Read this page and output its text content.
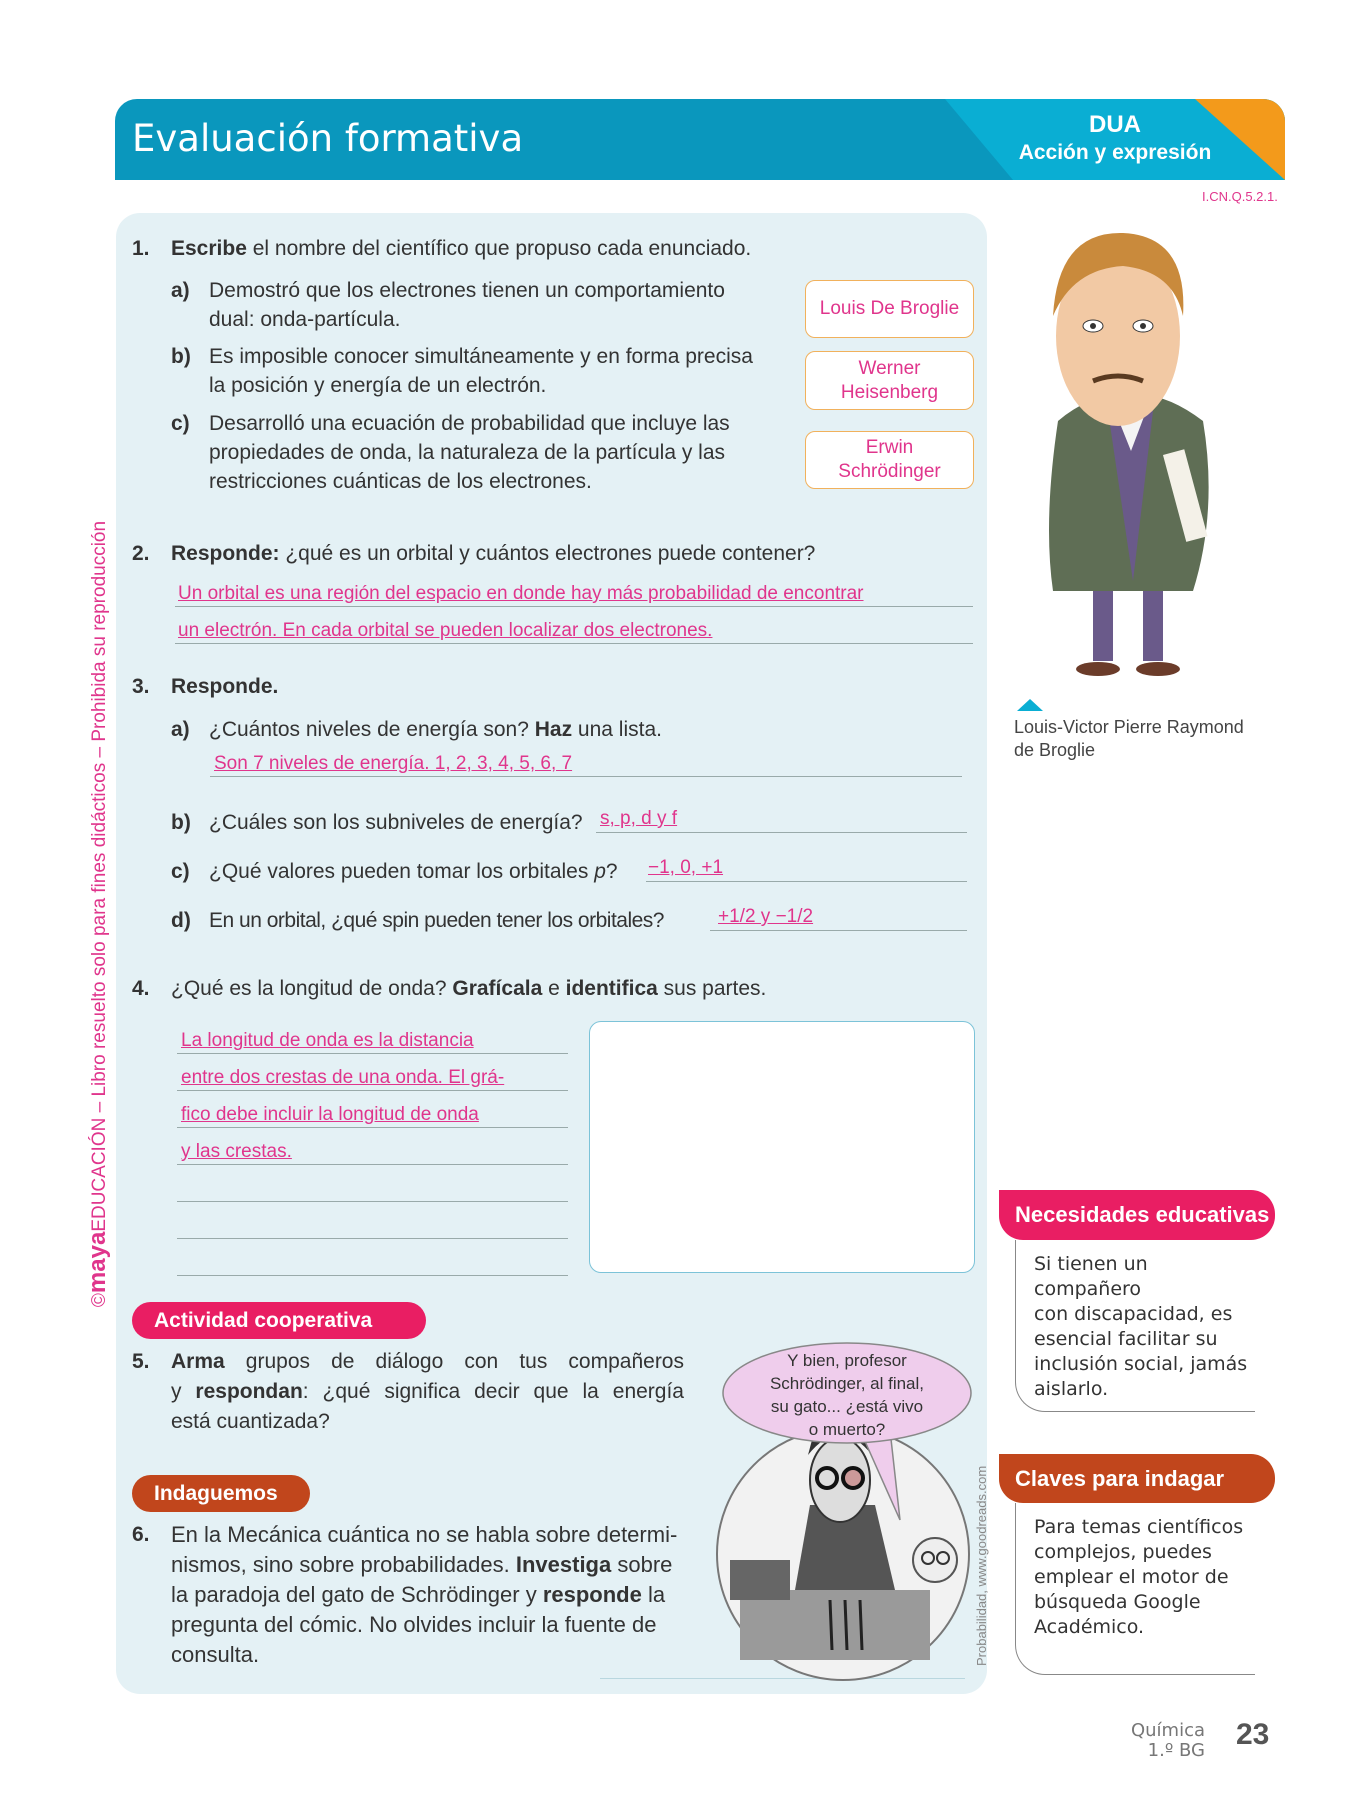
Evaluación formativa	DUA
Acción y expresión
I.CN.Q.5.2.1.
©mayaEDUCACIÓN – Libro resuelto solo para fines didácticos – Prohibida su reproducción
1. Escribe el nombre del científico que propuso cada enunciado.
a) Demostró que los electrones tienen un comportamiento
dual: onda-partícula.	Louis De Broglie
b) Es imposible conocer simultáneamente y en forma precisa
la posición y energía de un electrón.
Werner Heisenberg
c) Desarrolló una ecuación de probabilidad que incluye las
propiedades de onda, la naturaleza de la partícula y las
restricciones cuánticas de los electrones.
Erwin Schrödinger
2. Responde: ¿qué es un orbital y cuántos electrones puede contener?
Un orbital es una región del espacio en donde hay más probabilidad de encontrar
un electrón. En cada orbital se pueden localizar dos electrones.
3. Responde.
a) ¿Cuántos niveles de energía son? Haz una lista.
Son 7 niveles de energía. 1, 2, 3, 4, 5, 6, 7
b) ¿Cuáles son los subniveles de energía? s, p, d y f
c) ¿Qué valores pueden tomar los orbitales p? −1, 0, +1
d) En un orbital, ¿qué spin pueden tener los orbitales?	+1/2 y −1/2
4. ¿Qué es la longitud de onda? Grafícala e identifica sus partes.
La longitud de onda es la distancia
entre dos crestas de una onda. El grá-
fico debe incluir la longitud de onda
y las crestas.
Actividad cooperativa
5. Arma grupos de diálogo con tus compañeros
y respondan: ¿qué significa decir que la energía
está cuantizada?
Indaguemos
6. En la Mecánica cuántica no se habla sobre determi-
nismos, sino sobre probabilidades. Investiga sobre
la paradoja del gato de Schrödinger y responde la
pregunta del cómic. No olvides incluir la fuente de
consulta.
Y bien, profesor
Schrödinger, al final,
su gato... ¿está vivo
o muerto?
Probabilidad, www.goodreads.com
Louis-Victor Pierre Raymond
de Broglie
Necesidades educativas
Si tienen un compañero
con discapacidad, es
esencial facilitar su
inclusión social, jamás
aislarlo.
Claves para indagar
Para temas científicos
complejos, puedes
emplear el motor de
búsqueda Google
Académico.
Química
1.º BG 23
